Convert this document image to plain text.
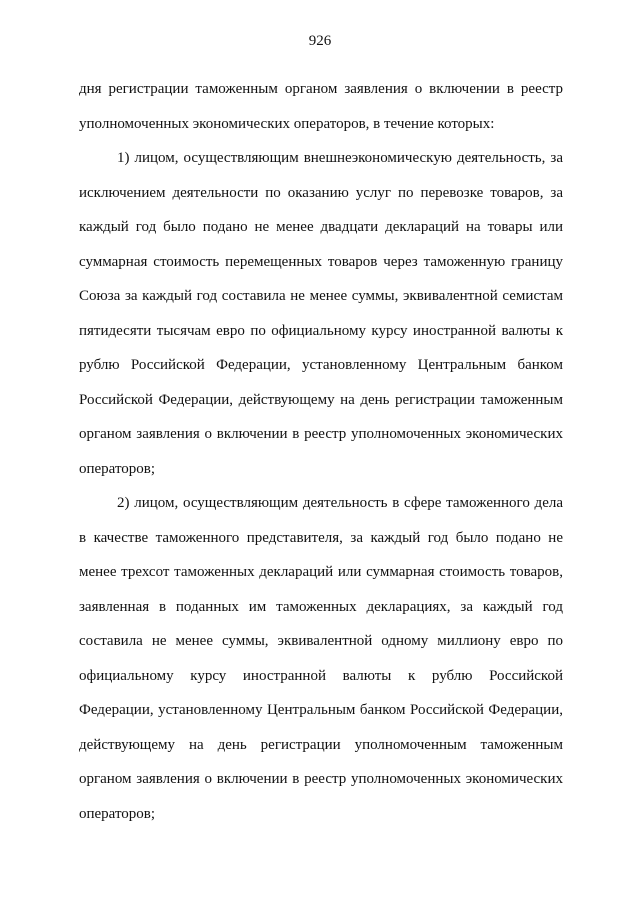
926

дня регистрации таможенным органом заявления о включении в реестр
уполномоченных экономических операторов, в течение которых:

1) лицом, осуществляющим внешнеэкономическую деятельность, за
исключением деятельности по оказанию услуг по перевозке товаров, за
каждый год было подано не менее двадцати деклараций на товары или
суммарная стоимость перемещенных товаров через таможенную границу
Союза за каждый год составила не менее суммы, эквивалентной семистам
пятидесяти тысячам евро по официальному курсу иностранной валюты к
рублю Российской Федерации, установленному Центральным банком
Российской Федерации, действующему на день регистрации таможенным
органом заявления о включении в реестр уполномоченных экономических
операторов;

2) лицом, осуществляющим деятельность в сфере таможенного дела
в качестве таможенного представителя, за каждый год было подано не
менее трехсот таможенных деклараций или суммарная стоимость товаров,
заявленная в поданных им таможенных декларациях, за каждый год
составила не менее суммы, эквивалентной одному миллиону евро по
официальному курсу иностранной валюты к рублю Российской
Федерации, установленному Центральным банком Российской Федерации,
действующему на день регистрации уполномоченным таможенным
органом заявления о включении в реестр уполномоченных экономических
операторов;
